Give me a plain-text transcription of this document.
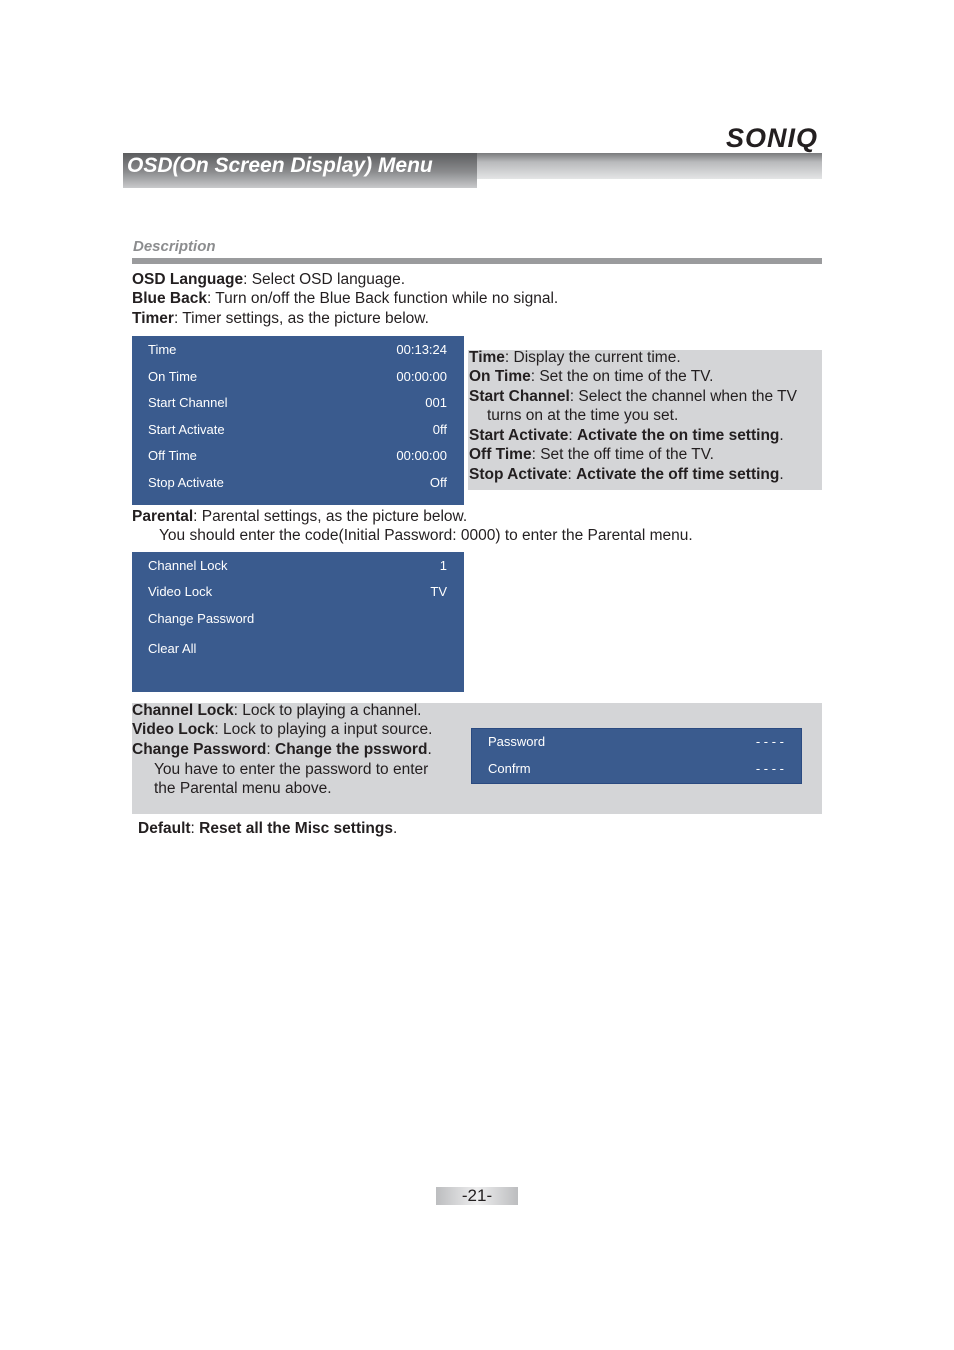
SONIQ
OSD(On Screen Display) Menu
Description
OSD Language: Select OSD language.
Blue Back: Turn on/off the Blue Back function while no signal.
Timer: Timer settings, as the picture below.
Time	00:13:24
On Time	00:00:00
Start Channel	001
Start Activate	0ff
Off Time	00:00:00
Stop Activate	Off
Time: Display the current time.
On Time: Set the on time of the TV.
Start Channel: Select the channel when the TV
turns on at the time you set.
Start Activate: Activate the on time setting.
Off Time: Set the off time of the TV.
Stop Activate: Activate the off time setting.
Parental: Parental settings, as the picture below.
You should enter the code(Initial Password: 0000) to enter the Parental menu.
Channel Lock	1
Video Lock	TV
Change Password
Clear All
Channel Lock: Lock to playing a channel.
Video Lock: Lock to playing a input source.
Change Password: Change the pssword.
You have to enter the password to enter
the Parental menu above.
Password	- - - -
Confrm	- - - -
Default: Reset all the Misc settings.
-21-
